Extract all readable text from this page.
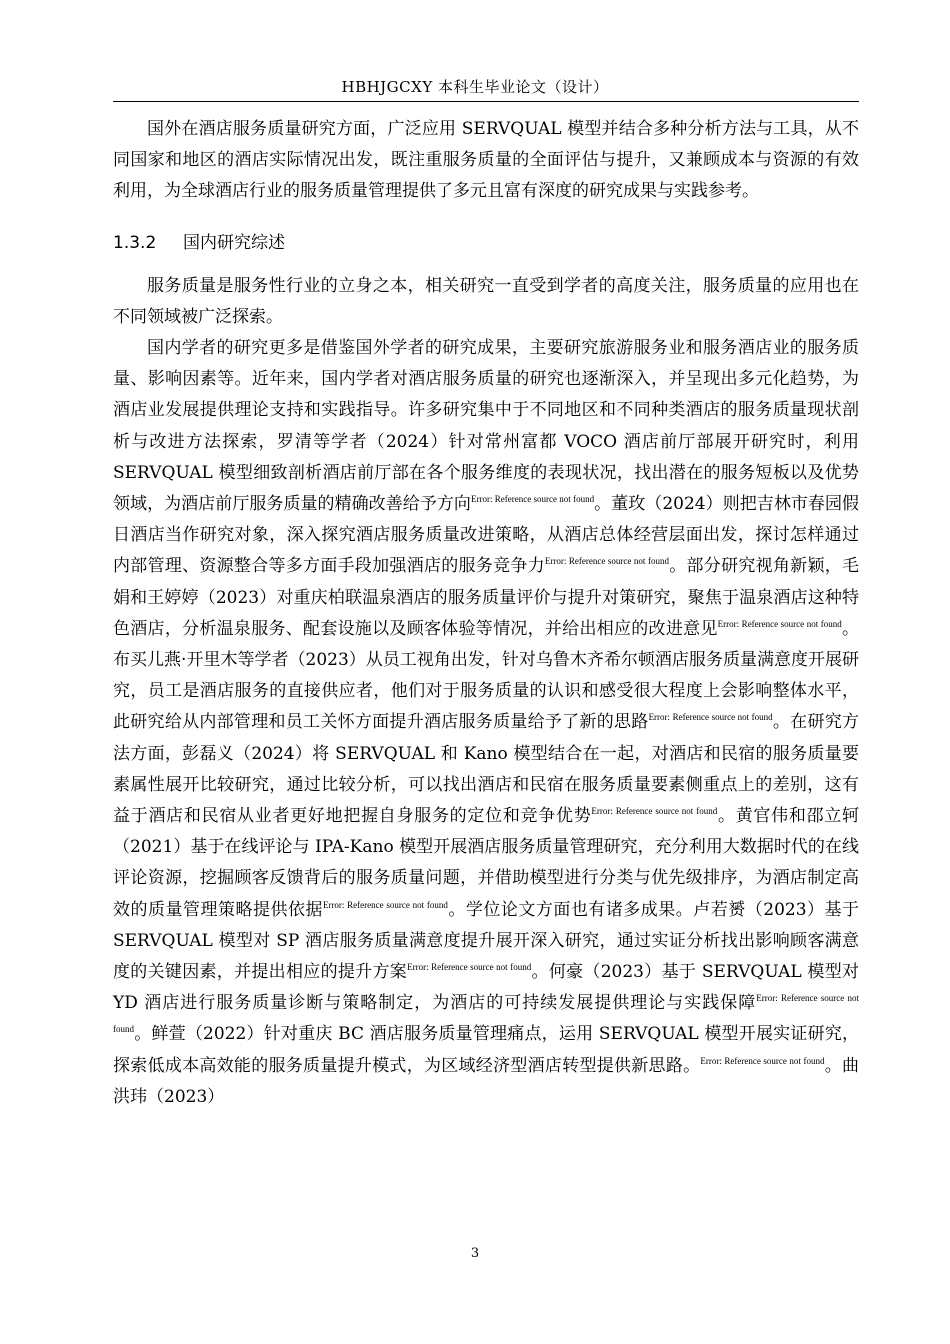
HBHJGCXY 本科生毕业论文（设计）

国外在酒店服务质量研究方面，广泛应用 SERVQUAL 模型并结合多种分析方法与工具，从不同国家和地区的酒店实际情况出发，既注重服务质量的全面评估与提升，又兼顾成本与资源的有效利用，为全球酒店行业的服务质量管理提供了多元且富有深度的研究成果与实践参考。

1.3.2 国内研究综述

服务质量是服务性行业的立身之本，相关研究一直受到学者的高度关注，服务质量的应用也在不同领域被广泛探索。

国内学者的研究更多是借鉴国外学者的研究成果，主要研究旅游服务业和服务酒店业的服务质量、影响因素等。近年来，国内学者对酒店服务质量的研究也逐渐深入，并呈现出多元化趋势，为酒店业发展提供理论支持和实践指导。许多研究集中于不同地区和不同种类酒店的服务质量现状剖析与改进方法探索，罗清等学者（2024）针对常州富都 VOCO 酒店前厅部展开研究时，利用 SERVQUAL 模型细致剖析酒店前厅部在各个服务维度的表现状况，找出潜在的服务短板以及优势领域，为酒店前厅服务质量的精确改善给予方向$^{Error: Reference source not found}$。董玫（2024）则把吉林市春园假日酒店当作研究对象，深入探究酒店服务质量改进策略，从酒店总体经营层面出发，探讨怎样通过内部管理、资源整合等多方面手段加强酒店的服务竞争力$^{Error: Reference source not found}$。部分研究视角新颖，毛娟和王婷婷（2023）对重庆柏联温泉酒店的服务质量评价与提升对策研究，聚焦于温泉酒店这种特色酒店，分析温泉服务、配套设施以及顾客体验等情况，并给出相应的改进意见$^{Error: Reference source not found}$。布买儿燕·开里木等学者（2023）从员工视角出发，针对乌鲁木齐希尔顿酒店服务质量满意度开展研究，员工是酒店服务的直接供应者，他们对于服务质量的认识和感受很大程度上会影响整体水平，此研究给从内部管理和员工关怀方面提升酒店服务质量给予了新的思路$^{Error: Reference source not found}$。在研究方法方面，彭磊义（2024）将 SERVQUAL 和 Kano 模型结合在一起，对酒店和民宿的服务质量要素属性展开比较研究，通过比较分析，可以找出酒店和民宿在服务质量要素侧重点上的差别，这有益于酒店和民宿从业者更好地把握自身服务的定位和竞争优势$^{Error: Reference source not found}$。黄官伟和邵立轲（2021）基于在线评论与 IPA-Kano 模型开展酒店服务质量管理研究，充分利用大数据时代的在线评论资源，挖掘顾客反馈背后的服务质量问题，并借助模型进行分类与优先级排序，为酒店制定高效的质量管理策略提供依据$^{Error: Reference source not found}$。学位论文方面也有诸多成果。卢若赟（2023）基于 SERVQUAL 模型对 SP 酒店服务质量满意度提升展开深入研究，通过实证分析找出影响顾客满意度的关键因素，并提出相应的提升方案$^{Error: Reference source not found}$。何豪（2023）基于 SERVQUAL 模型对 YD 酒店进行服务质量诊断与策略制定，为酒店的可持续发展提供理论与实践保障$^{Error: Reference source not found}$。鲜萱（2022）针对重庆 BC 酒店服务质量管理痛点，运用 SERVQUAL 模型开展实证研究，探索低成本高效能的服务质量提升模式，为区域经济型酒店转型提供新思路。$^{Error: Reference source not found}$。曲洪玮（2023）

3
